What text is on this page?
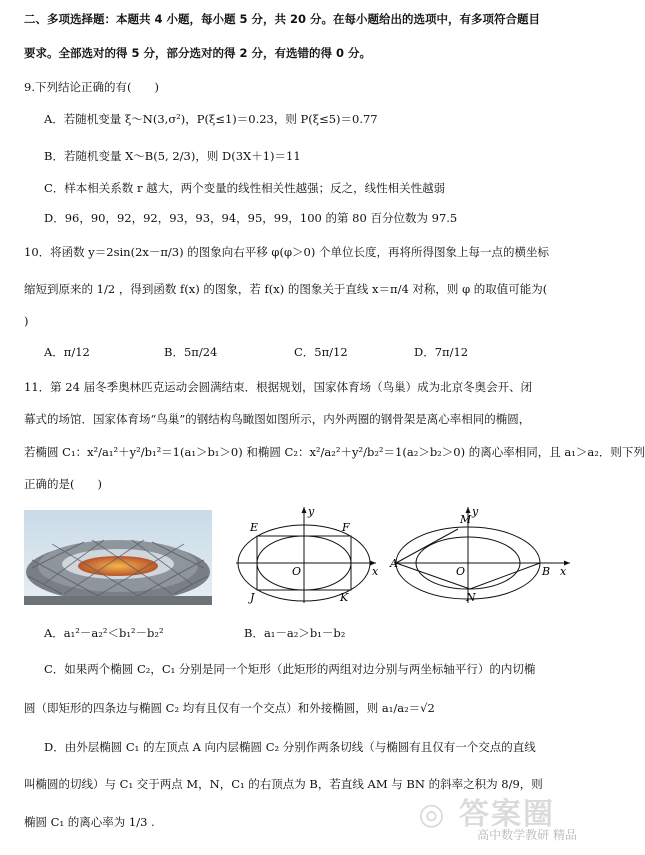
二、多项选择题：本题共 4 小题，每小题 5 分，共 20 分。在每小题给出的选项中，有多项符合题目
要求。全部选对的得 5 分，部分选对的得 2 分，有选错的得 0 分。
9.下列结论正确的有(　　)
A．若随机变量 ξ～N(3,σ²)，P(ξ≤1)＝0.23，则 P(ξ≤5)＝0.77
B．若随机变量 X～B(5, 2/3)，则 D(3X＋1)＝11
C．样本相关系数 r 越大，两个变量的线性相关性越强；反之，线性相关性越弱
D．96，90，92，92，93，93，94，95，99，100 的第 80 百分位数为 97.5
10．将函数 y＝2sin(2x－π/3) 的图象向右平移 φ(φ＞0) 个单位长度，再将所得图象上每一点的横坐标
缩短到原来的 1/2 ，得到函数 f(x) 的图象，若 f(x) 的图象关于直线 x＝π/4 对称，则 φ 的取值可能为(
)
A．π/12	B．5π/24	C．5π/12	D．7π/12
11．第 24 届冬季奥林匹克运动会圆满结束．根据规划，国家体育场（鸟巢）成为北京冬奥会开、闭
幕式的场馆．国家体育场“鸟巢”的钢结构鸟瞰图如图所示，内外两圈的钢骨架是离心率相同的椭圆，
若椭圆 C₁：x²/a₁²＋y²/b₁²＝1(a₁＞b₁＞0) 和椭圆 C₂：x²/a₂²＋y²/b₂²＝1(a₂＞b₂＞0) 的离心率相同，且 a₁＞a₂．则下列
正确的是(　　)
y
E	F
O	x
J	K
y
M
A
O	B x
N
A．a₁²－a₂²＜b₁²－b₂²	B．a₁－a₂＞b₁－b₂
C．如果两个椭圆 C₂，C₁ 分别是同一个矩形（此矩形的两组对边分别与两坐标轴平行）的内切椭
圆（即矩形的四条边与椭圆 C₂ 均有且仅有一个交点）和外接椭圆，则 a₁/a₂＝√2
D．由外层椭圆 C₁ 的左顶点 A 向内层椭圆 C₂ 分别作两条切线（与椭圆有且仅有一个交点的直线
叫椭圆的切线）与 C₁ 交于两点 M，N，C₁ 的右顶点为 B，若直线 AM 与 BN 的斜率之积为 8/9，则
椭圆 C₁ 的离心率为 1/3 .	◎ 答案圈
高中数学教研 精品
